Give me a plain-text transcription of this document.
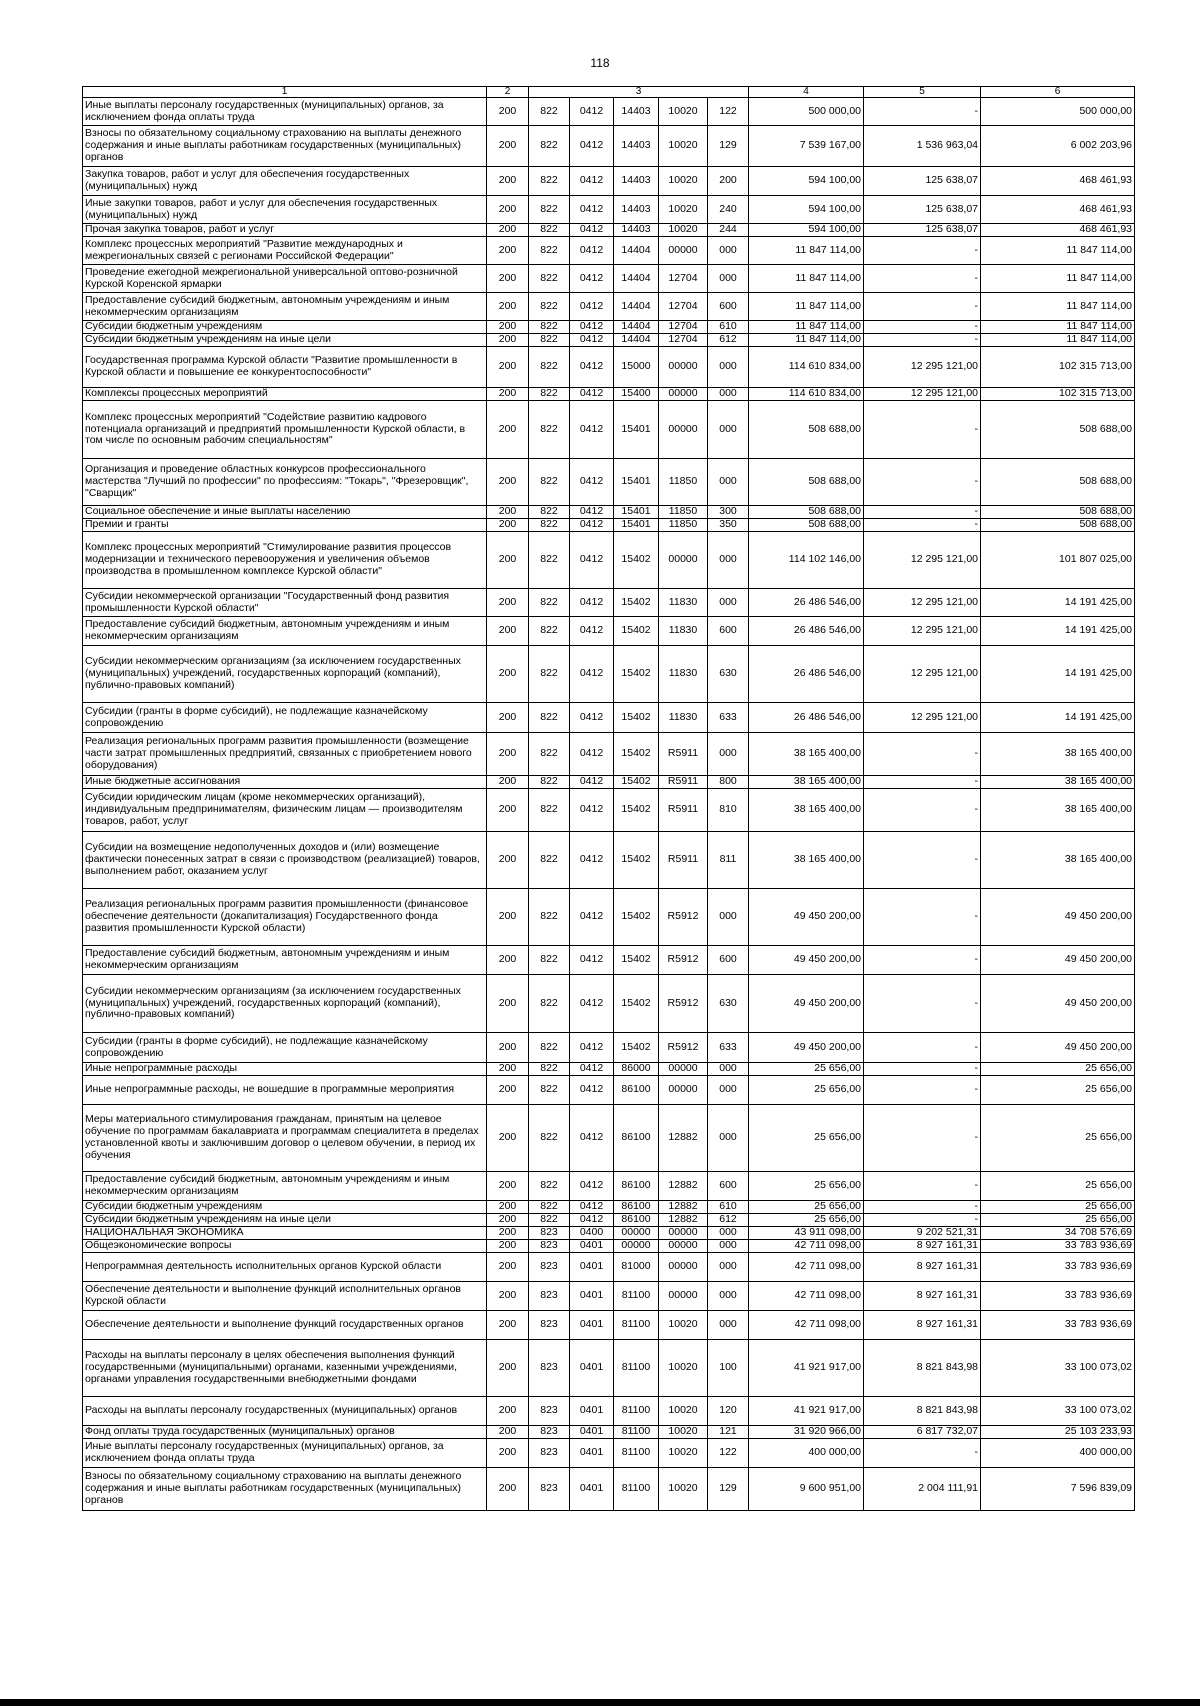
118
1	2	3					4	5	6
Иные выплаты персоналу государственных (муниципальных) органов, за исключением фонда оплаты труда	200	822	0412	14403	10020	122	500 000,00	-	500 000,00
Взносы по обязательному социальному страхованию на выплаты денежного содержания и иные выплаты работникам государственных (муниципальных) органов	200	822	0412	14403	10020	129	7 539 167,00	1 536 963,04	6 002 203,96
Закупка товаров, работ и услуг для обеспечения государственных (муниципальных) нужд	200	822	0412	14403	10020	200	594 100,00	125 638,07	468 461,93
Иные закупки товаров, работ и услуг для обеспечения государственных (муниципальных) нужд	200	822	0412	14403	10020	240	594 100,00	125 638,07	468 461,93
Прочая закупка товаров, работ и услуг	200	822	0412	14403	10020	244	594 100,00	125 638,07	468 461,93
Комплекс процессных мероприятий "Развитие международных и межрегиональных связей с регионами Российской Федерации"	200	822	0412	14404	00000	000	11 847 114,00	-	11 847 114,00
Проведение ежегодной межрегиональной универсальной оптово-розничной Курской Коренской ярмарки	200	822	0412	14404	12704	000	11 847 114,00	-	11 847 114,00
Предоставление субсидий бюджетным, автономным учреждениям и иным некоммерческим организациям	200	822	0412	14404	12704	600	11 847 114,00	-	11 847 114,00
Субсидии бюджетным учреждениям	200	822	0412	14404	12704	610	11 847 114,00	-	11 847 114,00
Субсидии бюджетным учреждениям на иные цели	200	822	0412	14404	12704	612	11 847 114,00	-	11 847 114,00
Государственная программа Курской области "Развитие промышленности в Курской области и повышение ее конкурентоспособности"	200	822	0412	15000	00000	000	114 610 834,00	12 295 121,00	102 315 713,00
Комплексы процессных мероприятий	200	822	0412	15400	00000	000	114 610 834,00	12 295 121,00	102 315 713,00
Комплекс процессных мероприятий "Содействие развитию кадрового потенциала организаций и предприятий промышленности Курской области, в том числе по основным рабочим специальностям"	200	822	0412	15401	00000	000	508 688,00	-	508 688,00
Организация и проведение областных конкурсов профессионального мастерства "Лучший по профессии" по профессиям: "Токарь", "Фрезеровщик", "Сварщик"	200	822	0412	15401	11850	000	508 688,00	-	508 688,00
Социальное обеспечение и иные выплаты населению	200	822	0412	15401	11850	300	508 688,00	-	508 688,00
Премии и гранты	200	822	0412	15401	11850	350	508 688,00	-	508 688,00
Комплекс процессных мероприятий "Стимулирование развития процессов модернизации и технического перевооружения и увеличения объемов производства в промышленном комплексе Курской области"	200	822	0412	15402	00000	000	114 102 146,00	12 295 121,00	101 807 025,00
Субсидии некоммерческой организации "Государственный фонд развития промышленности Курской области"	200	822	0412	15402	11830	000	26 486 546,00	12 295 121,00	14 191 425,00
Предоставление субсидий бюджетным, автономным учреждениям и иным некоммерческим организациям	200	822	0412	15402	11830	600	26 486 546,00	12 295 121,00	14 191 425,00
Субсидии некоммерческим организациям (за исключением государственных (муниципальных) учреждений, государственных корпораций (компаний), публично-правовых компаний)	200	822	0412	15402	11830	630	26 486 546,00	12 295 121,00	14 191 425,00
Субсидии (гранты в форме субсидий), не подлежащие казначейскому сопровождению	200	822	0412	15402	11830	633	26 486 546,00	12 295 121,00	14 191 425,00
Реализация региональных программ развития промышленности (возмещение части затрат промышленных предприятий, связанных с приобретением нового оборудования)	200	822	0412	15402	R5911	000	38 165 400,00	-	38 165 400,00
Иные бюджетные ассигнования	200	822	0412	15402	R5911	800	38 165 400,00	-	38 165 400,00
Субсидии юридическим лицам (кроме некоммерческих организаций), индивидуальным предпринимателям, физическим лицам — производителям товаров, работ, услуг	200	822	0412	15402	R5911	810	38 165 400,00	-	38 165 400,00
Субсидии на возмещение недополученных доходов и (или) возмещение фактически понесенных затрат в связи с производством (реализацией) товаров, выполнением работ, оказанием услуг	200	822	0412	15402	R5911	811	38 165 400,00	-	38 165 400,00
Реализация региональных программ развития промышленности (финансовое обеспечение деятельности (докапитализация) Государственного фонда развития промышленности Курской области)	200	822	0412	15402	R5912	000	49 450 200,00	-	49 450 200,00
Предоставление субсидий бюджетным, автономным учреждениям и иным некоммерческим организациям	200	822	0412	15402	R5912	600	49 450 200,00	-	49 450 200,00
Субсидии некоммерческим организациям (за исключением государственных (муниципальных) учреждений, государственных корпораций (компаний), публично-правовых компаний)	200	822	0412	15402	R5912	630	49 450 200,00	-	49 450 200,00
Субсидии (гранты в форме субсидий), не подлежащие казначейскому сопровождению	200	822	0412	15402	R5912	633	49 450 200,00	-	49 450 200,00
Иные непрограммные расходы	200	822	0412	86000	00000	000	25 656,00	-	25 656,00
Иные непрограммные расходы, не вошедшие в программные мероприятия	200	822	0412	86100	00000	000	25 656,00	-	25 656,00
Меры материального стимулирования гражданам, принятым на целевое обучение по программам бакалавриата и программам специалитета в пределах установленной квоты и заключившим договор о целевом обучении, в период их обучения	200	822	0412	86100	12882	000	25 656,00	-	25 656,00
Предоставление субсидий бюджетным, автономным учреждениям и иным некоммерческим организациям	200	822	0412	86100	12882	600	25 656,00	-	25 656,00
Субсидии бюджетным учреждениям	200	822	0412	86100	12882	610	25 656,00	-	25 656,00
Субсидии бюджетным учреждениям на иные цели	200	822	0412	86100	12882	612	25 656,00	-	25 656,00
НАЦИОНАЛЬНАЯ ЭКОНОМИКА	200	823	0400	00000	00000	000	43 911 098,00	9 202 521,31	34 708 576,69
Общеэкономические вопросы	200	823	0401	00000	00000	000	42 711 098,00	8 927 161,31	33 783 936,69
Непрограммная деятельность исполнительных органов Курской области	200	823	0401	81000	00000	000	42 711 098,00	8 927 161,31	33 783 936,69
Обеспечение деятельности и выполнение функций исполнительных органов Курской области	200	823	0401	81100	00000	000	42 711 098,00	8 927 161,31	33 783 936,69
Обеспечение деятельности и выполнение функций государственных органов	200	823	0401	81100	10020	000	42 711 098,00	8 927 161,31	33 783 936,69
Расходы на выплаты персоналу в целях обеспечения выполнения функций государственными (муниципальными) органами, казенными учреждениями, органами управления государственными внебюджетными фондами	200	823	0401	81100	10020	100	41 921 917,00	8 821 843,98	33 100 073,02
Расходы на выплаты персоналу государственных (муниципальных) органов	200	823	0401	81100	10020	120	41 921 917,00	8 821 843,98	33 100 073,02
Фонд оплаты труда государственных (муниципальных) органов	200	823	0401	81100	10020	121	31 920 966,00	6 817 732,07	25 103 233,93
Иные выплаты персоналу государственных (муниципальных) органов, за исключением фонда оплаты труда	200	823	0401	81100	10020	122	400 000,00	-	400 000,00
Взносы по обязательному социальному страхованию на выплаты денежного содержания и иные выплаты работникам государственных (муниципальных) органов	200	823	0401	81100	10020	129	9 600 951,00	2 004 111,91	7 596 839,09
